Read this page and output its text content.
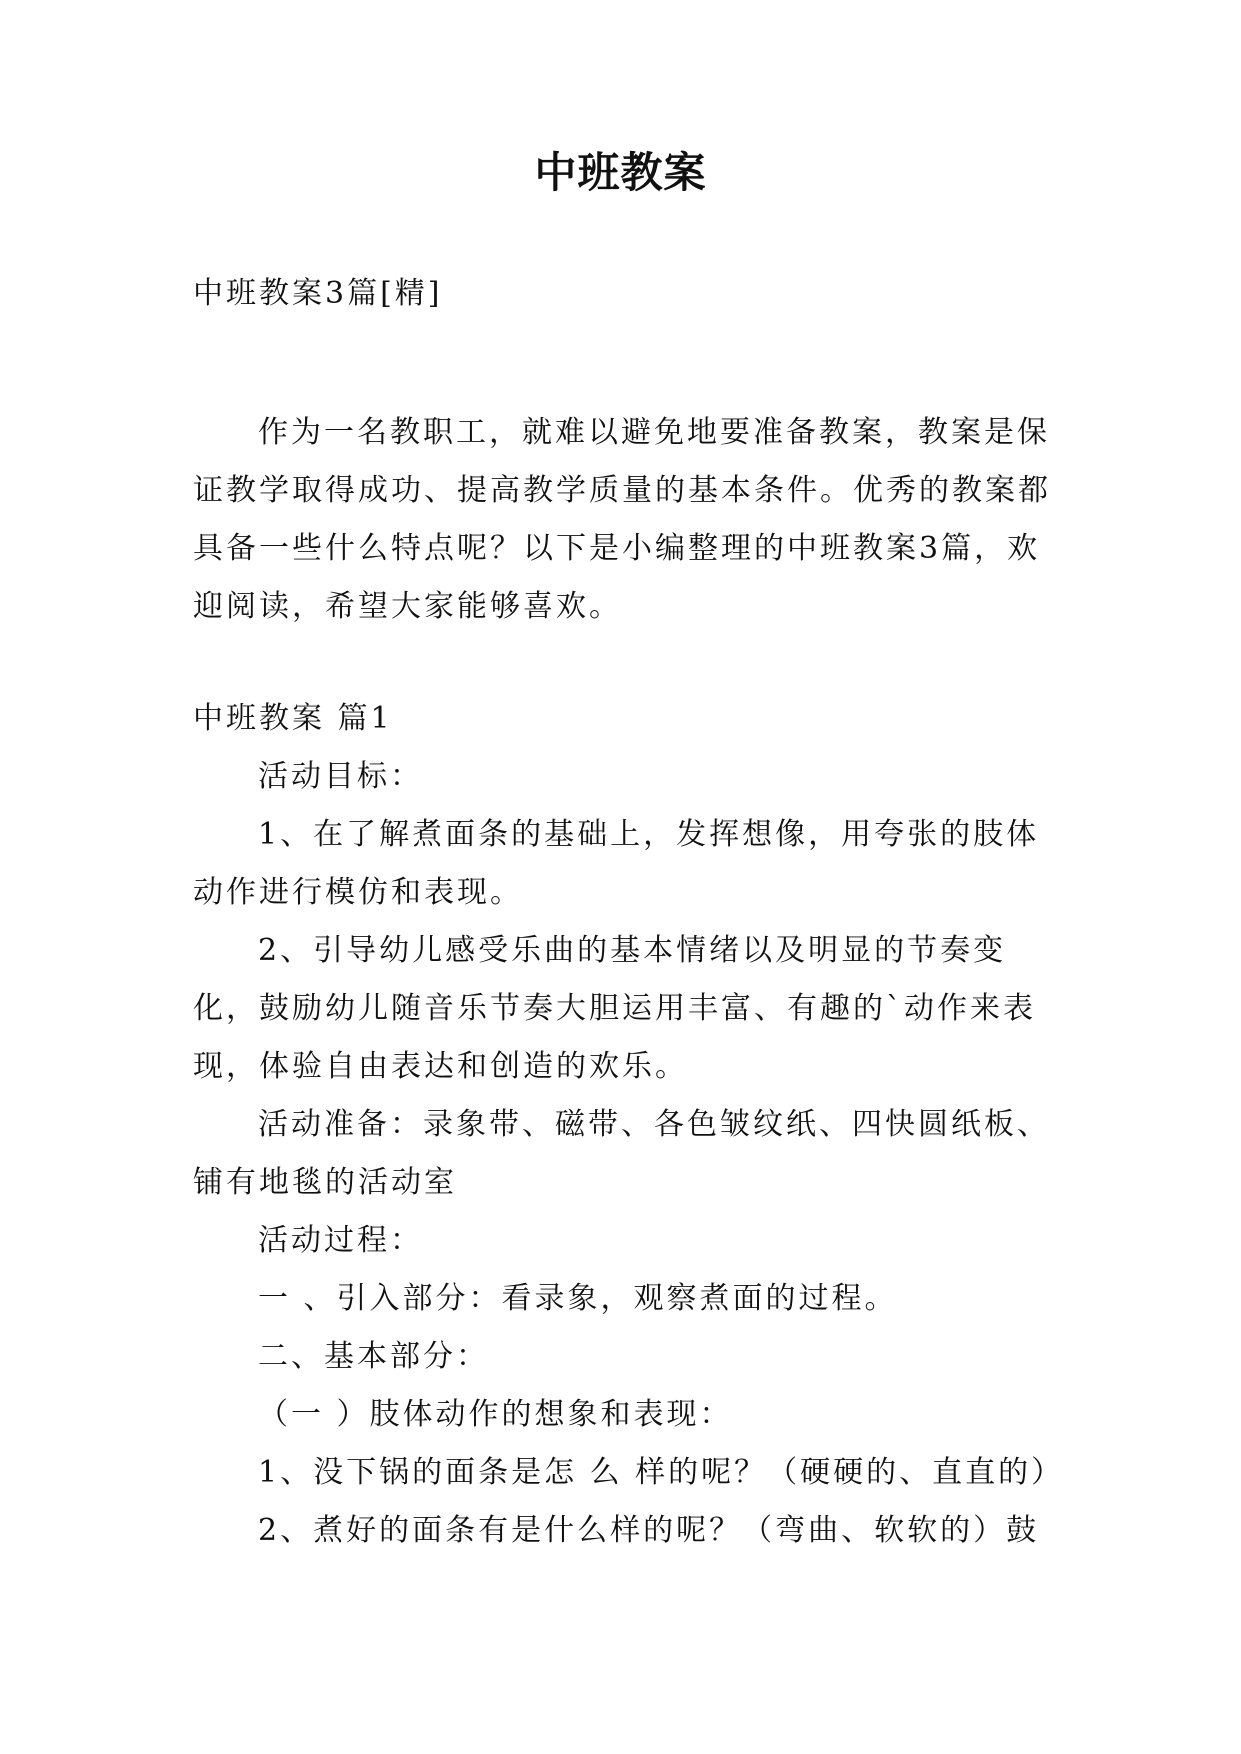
中班教案
中班教案3篇[精]
作为一名教职工，就难以避免地要准备教案，教案是保证教学取得成功、提高教学质量的基本条件。优秀的教案都具备一些什么特点呢？以下是小编整理的中班教案3篇，欢迎阅读，希望大家能够喜欢。
中班教案 篇1
活动目标：
1、在了解煮面条的基础上，发挥想像，用夸张的肢体动作进行模仿和表现。
2、引导幼儿感受乐曲的基本情绪以及明显的节奏变化，鼓励幼儿随音乐节奏大胆运用丰富、有趣的`动作来表现，体验自由表达和创造的欢乐。
活动准备：录象带、磁带、各色皱纹纸、四快圆纸板、铺有地毯的活动室
活动过程：
一 、引入部分：看录象，观察煮面的过程。
二、基本部分：
（一 ）肢体动作的想象和表现：
1、没下锅的面条是怎 么 样的呢？（硬硬的、直直的）
2、煮好的面条有是什么样的呢？（弯曲、软软的）鼓
